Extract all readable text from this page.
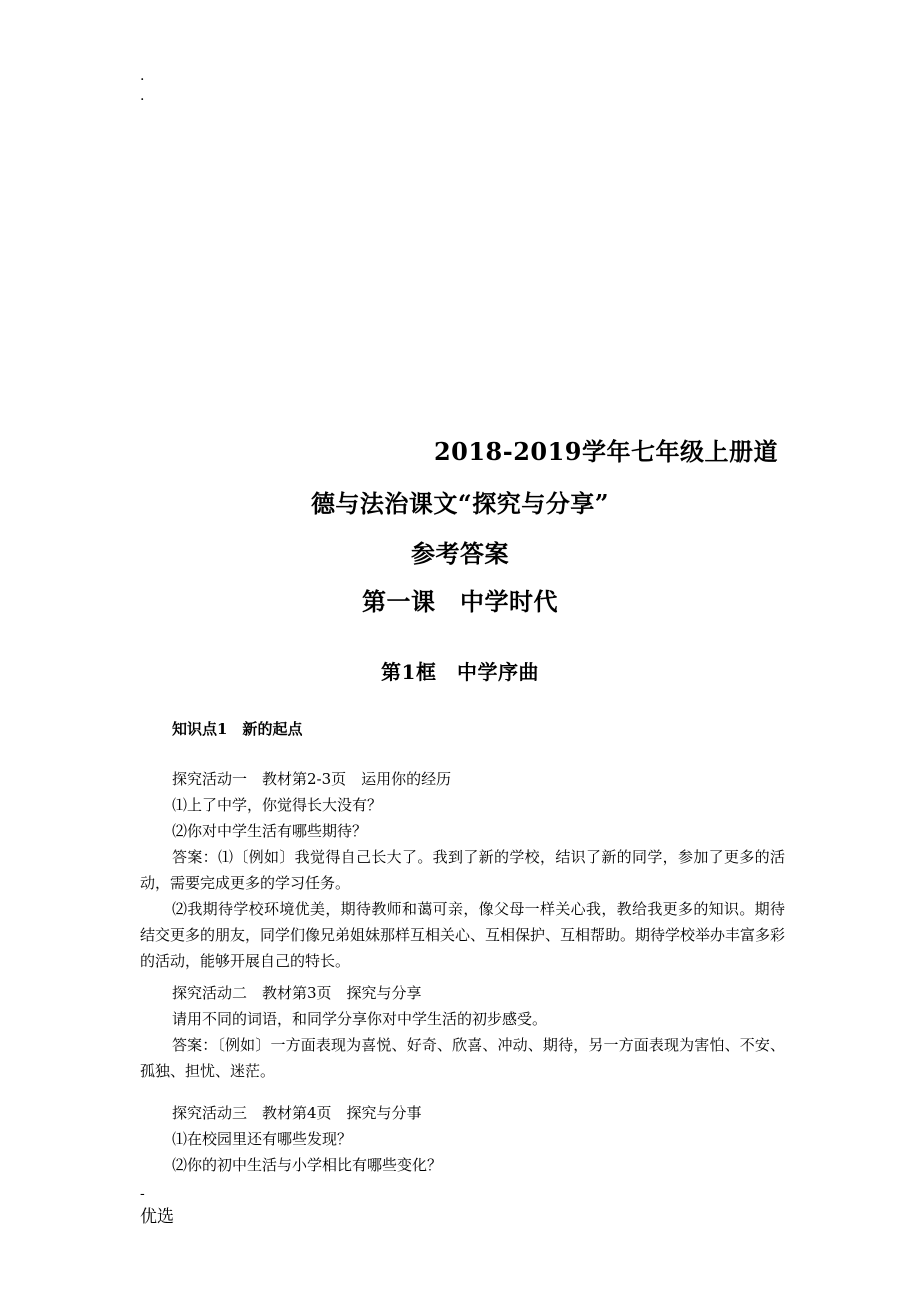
.
.
2018-2019学年七年级上册道
德与法治课文“探究与分享”
参考答案
第一课　中学时代
第1框　中学序曲
知识点1　新的起点

探究活动一　教材第2-3页　运用你的经历

⑴上了中学，你觉得长大没有？

⑵你对中学生活有哪些期待？

答案：⑴〔例如〕我觉得自己长大了。我到了新的学校，结识了新的同学，参加了更多的活动，需要完成更多的学习任务。

⑵我期待学校环境优美，期待教师和蔼可亲，像父母一样关心我，教给我更多的知识。期待结交更多的朋友，同学们像兄弟姐妹那样互相关心、互相保护、互相帮助。期待学校举办丰富多彩的活动，能够开展自己的特长。

探究活动二　教材第3页　探究与分享

请用不同的词语，和同学分享你对中学生活的初步感受。

答案：〔例如〕一方面表现为喜悦、好奇、欣喜、冲动、期待，另一方面表现为害怕、不安、孤独、担忧、迷茫。

探究活动三　教材第4页　探究与分事

⑴在校园里还有哪些发现？

⑵你的初中生活与小学相比有哪些变化？

-
优选
